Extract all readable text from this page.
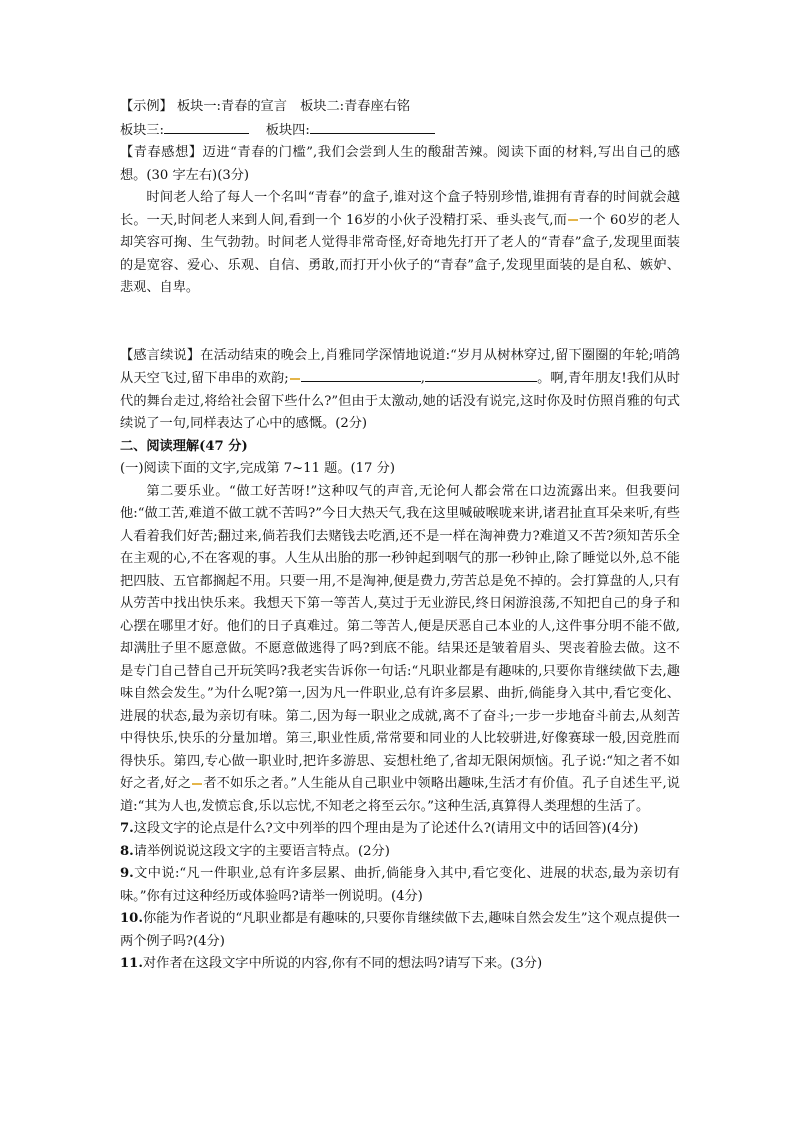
【示例】 板块一:青春的宣言　板块二:青春座右铭
板块三:	板块四:
【青春感想】迈进“青春的门槛”,我们会尝到人生的酸甜苦辣。阅读下面的材料,写出自己的感想。(30 字左右)(3分)
时间老人给了每人一个名叫“青春”的盒子,谁对这个盒子特别珍惜,谁拥有青春的时间就会越长。一天,时间老人来到人间,看到一个 16岁的小伙子没精打采、垂头丧气,而 一个 60岁的老人却笑容可掬、生气勃勃。时间老人觉得非常奇怪,好奇地先打开了老人的“青春”盒子,发现里面装的是宽容、爱心、乐观、自信、勇敢,而打开小伙子的“青春”盒子,发现里面装的是自私、嫉妒、悲观、自卑。
【感言续说】在活动结束的晚会上,肖雅同学深情地说道:“岁月从树林穿过,留下圈圈的年轮;哨鸽从天空飞过,留下串串的欢韵;	,	。啊,青年朋友!我们从时代的舞台走过,将给社会留下些什么?”但由于太激动,她的话没有说完,这时你及时仿照肖雅的句式续说了一句,同样表达了心中的感慨。(2分)
二、阅读理解(47 分)
(一)阅读下面的文字,完成第 7~11 题。(17 分)
第二要乐业。“做工好苦呀!”这种叹气的声音,无论何人都会常在口边流露出来。但我要问他:“做工苦,难道不做工就不苦吗?”今日大热天气,我在这里喊破喉咙来讲,诸君扯直耳朵来听,有些人看着我们好苦;翻过来,倘若我们去赌钱去吃酒,还不是一样在淘神费力?难道又不苦?须知苦乐全在主观的心,不在客观的事。人生从出胎的那一秒钟起到咽气的那一秒钟止,除了睡觉以外,总不能把四肢、五官都搁起不用。只要一用,不是淘神,便是费力,劳苦总是免不掉的。会打算盘的人,只有从劳苦中找出快乐来。我想天下第一等苦人,莫过于无业游民,终日闲游浪荡,不知把自己的身子和心摆在哪里才好。他们的日子真难过。第二等苦人,便是厌恶自己本业的人,这件事分明不能不做,却满肚子里不愿意做。不愿意做逃得了吗?到底不能。结果还是皱着眉头、哭丧着脸去做。这不是专门自己替自己开玩笑吗?我老实告诉你一句话:“凡职业都是有趣味的,只要你肯继续做下去,趣味自然会发生。”为什么呢?第一,因为凡一件职业,总有许多层累、曲折,倘能身入其中,看它变化、进展的状态,最为亲切有味。第二,因为每一职业之成就,离不了奋斗;一步一步地奋斗前去,从刻苦中得快乐,快乐的分量加增。第三,职业性质,常常要和同业的人比较骈进,好像赛球一般,因竞胜而得快乐。第四,专心做一职业时,把许多游思、妄想杜绝了,省却无限闲烦恼。孔子说:“知之者不如好之者,好之 者不如乐之者。”人生能从自己职业中领略出趣味,生活才有价值。孔子自述生平,说道:“其为人也,发愤忘食,乐以忘忧,不知老之将至云尔。”这种生活,真算得人类理想的生活了。
7.这段文字的论点是什么?文中列举的四个理由是为了论述什么?(请用文中的话回答)(4分)
8.请举例说说这段文字的主要语言特点。(2分)
9.文中说:“凡一件职业,总有许多层累、曲折,倘能身入其中,看它变化、进展的状态,最为亲切有味。”你有过这种经历或体验吗?请举一例说明。(4分)
10.你能为作者说的“凡职业都是有趣味的,只要你肯继续做下去,趣味自然会发生”这个观点提供一两个例子吗?(4分)
11.对作者在这段文字中所说的内容,你有不同的想法吗?请写下来。(3分)
